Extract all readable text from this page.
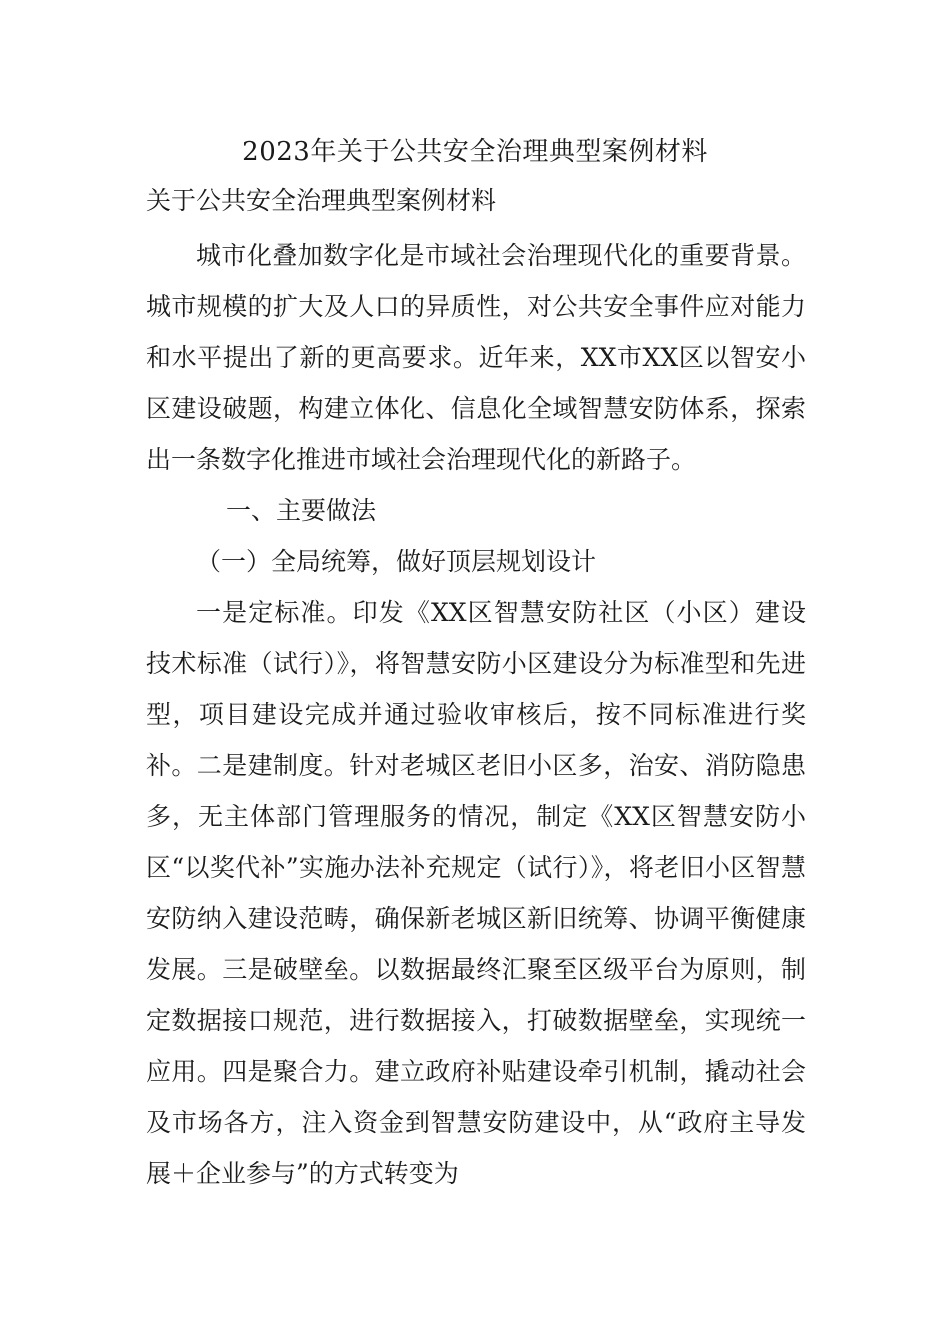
2023年关于公共安全治理典型案例材料
关于公共安全治理典型案例材料

城市化叠加数字化是市域社会治理现代化的重要背景。城市规模的扩大及人口的异质性，对公共安全事件应对能力和水平提出了新的更高要求。近年来，XX市XX区以智安小区建设破题，构建立体化、信息化全域智慧安防体系，探索出一条数字化推进市域社会治理现代化的新路子。

一、主要做法

（一）全局统筹，做好顶层规划设计

一是定标准。印发《XX区智慧安防社区（小区）建设技术标准（试行）》，将智慧安防小区建设分为标准型和先进型，项目建设完成并通过验收审核后，按不同标准进行奖补。二是建制度。针对老城区老旧小区多，治安、消防隐患多，无主体部门管理服务的情况，制定《XX区智慧安防小区“以奖代补”实施办法补充规定（试行）》，将老旧小区智慧安防纳入建设范畴，确保新老城区新旧统筹、协调平衡健康发展。三是破壁垒。以数据最终汇聚至区级平台为原则，制定数据接口规范，进行数据接入，打破数据壁垒，实现统一应用。四是聚合力。建立政府补贴建设牵引机制，撬动社会及市场各方，注入资金到智慧安防建设中，从“政府主导发展＋企业参与”的方式转变为
